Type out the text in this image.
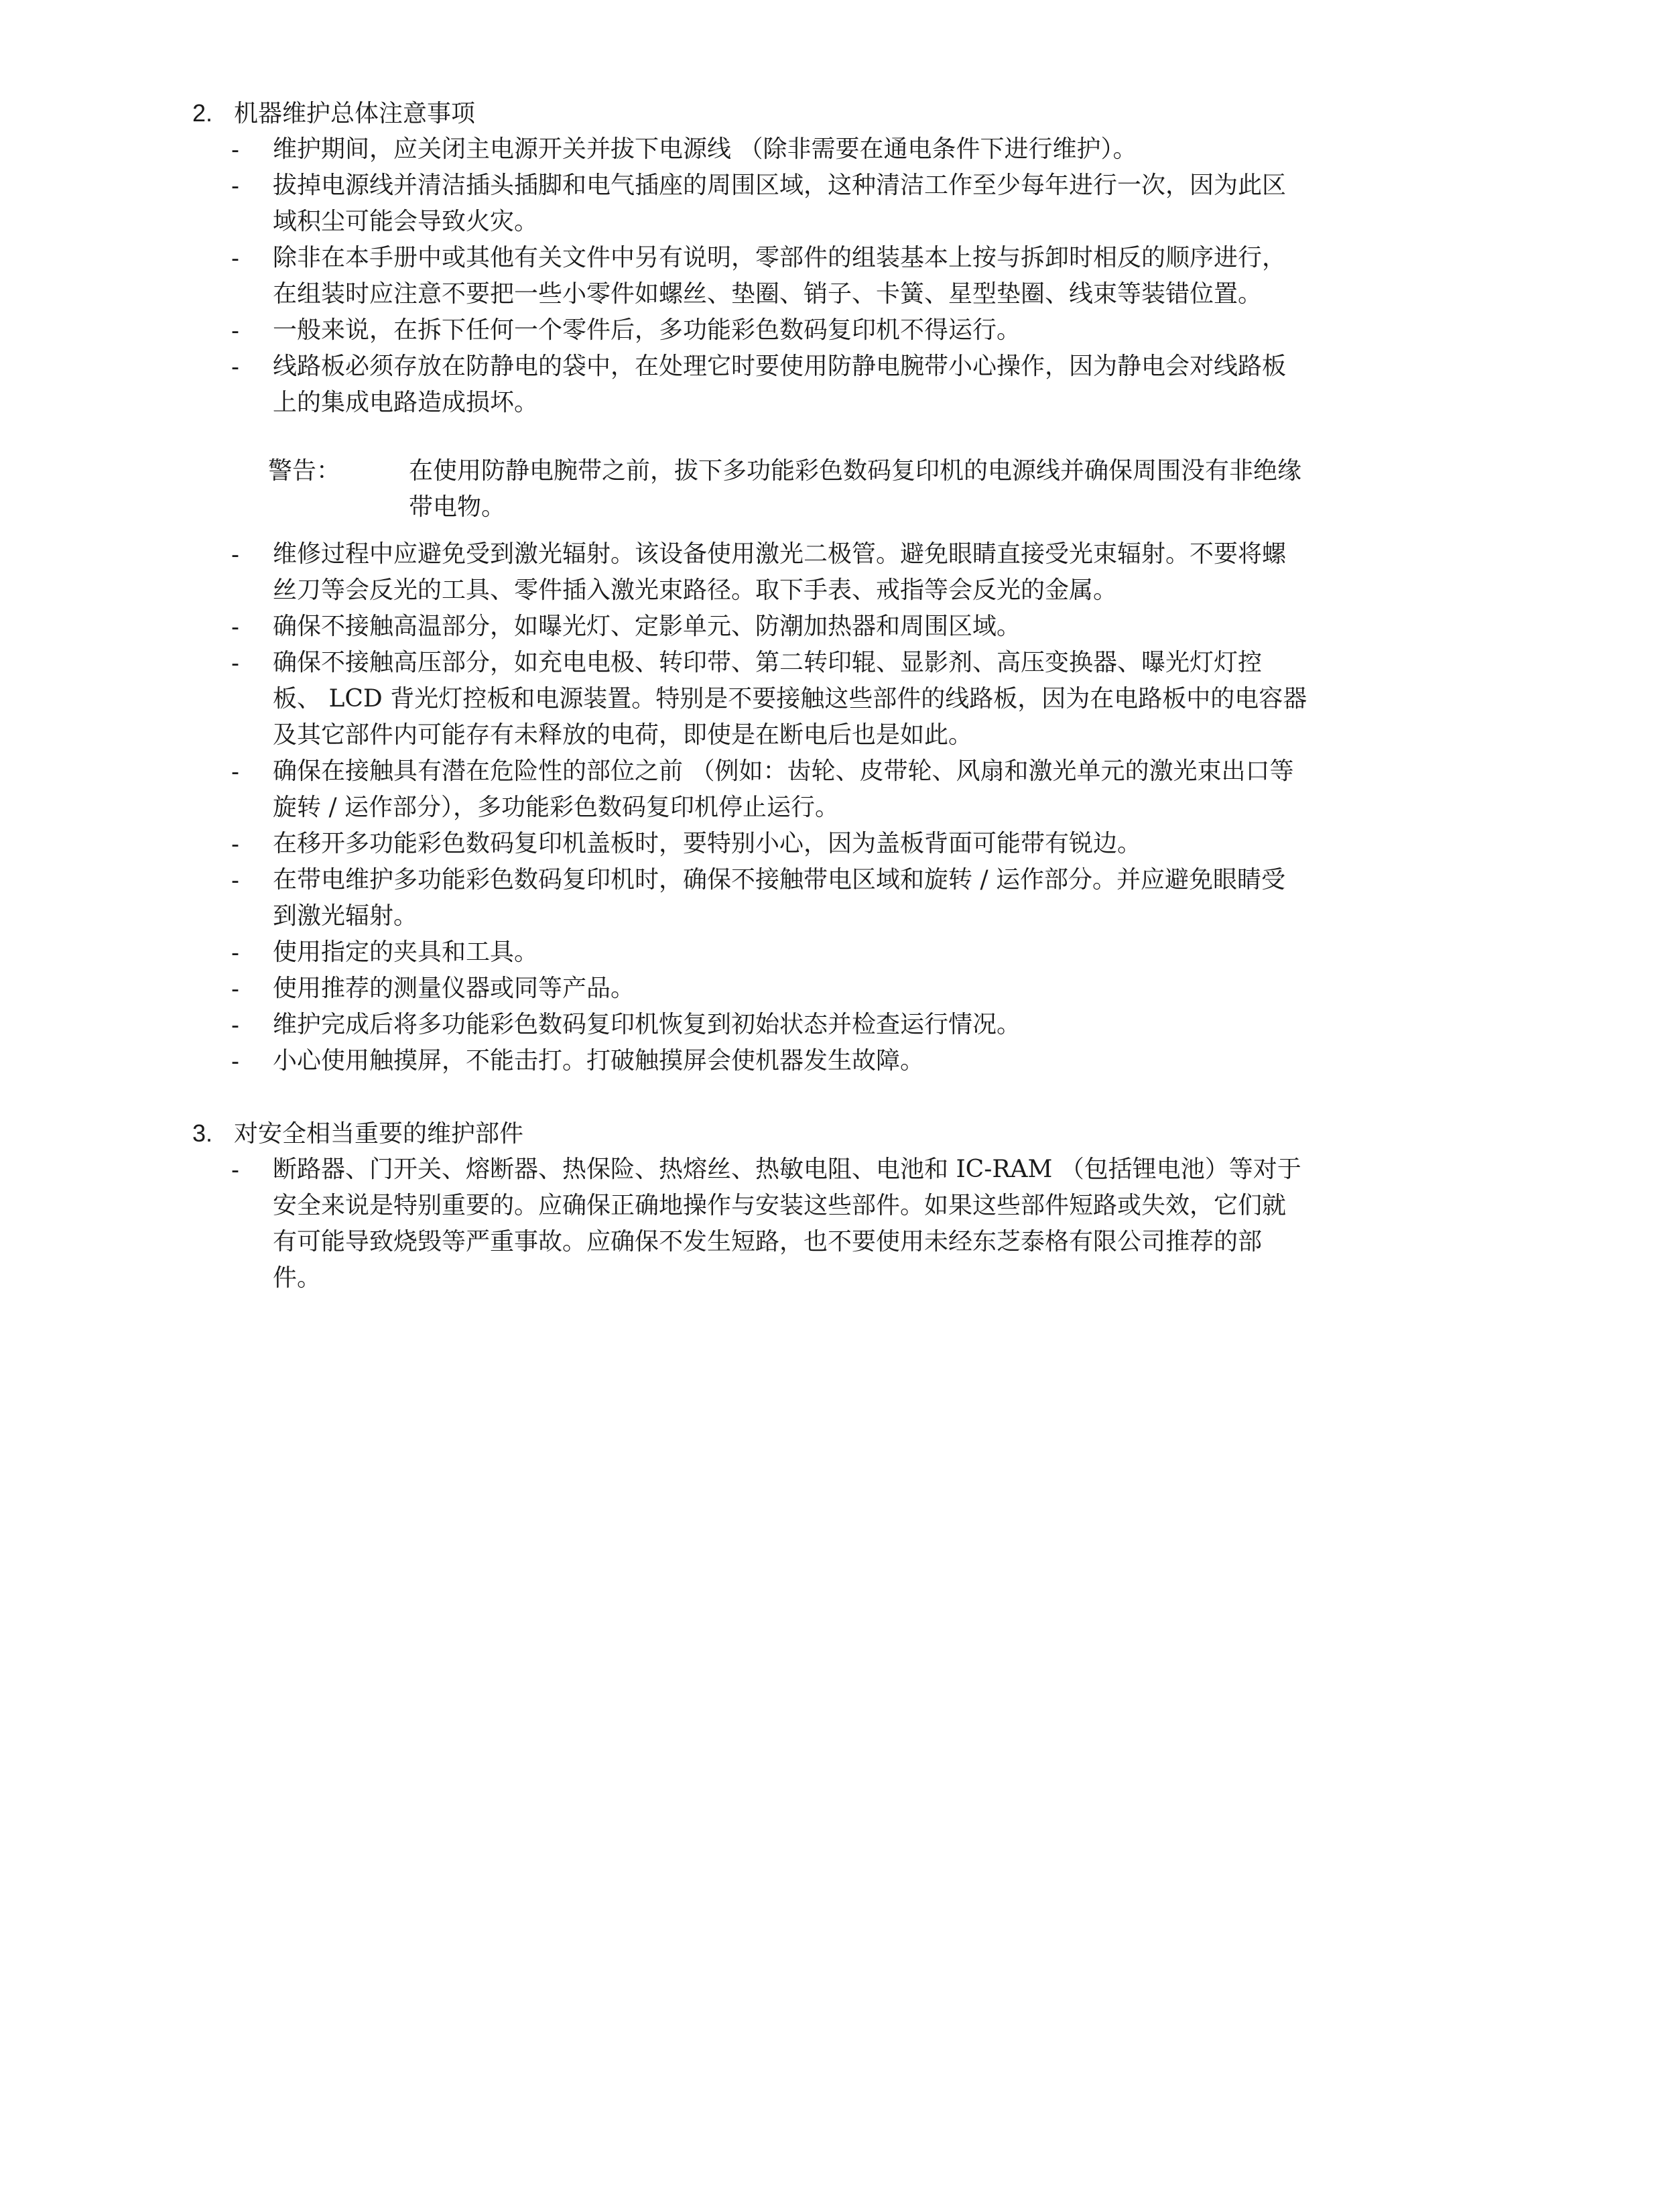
2. 机器维护总体注意事项
-	维护期间，应关闭主电源开关并拔下电源线 （除非需要在通电条件下进行维护）。
-	拔掉电源线并清洁插头插脚和电气插座的周围区域，这种清洁工作至少每年进行一次，因为此区
域积尘可能会导致火灾。
-	除非在本手册中或其他有关文件中另有说明，零部件的组装基本上按与拆卸时相反的顺序进行，
在组装时应注意不要把一些小零件如螺丝、垫圈、销子、卡簧、星型垫圈、线束等装错位置。
-	一般来说，在拆下任何一个零件后，多功能彩色数码复印机不得运行。
-	线路板必须存放在防静电的袋中，在处理它时要使用防静电腕带小心操作，因为静电会对线路板
上的集成电路造成损坏。
警告：	在使用防静电腕带之前，拔下多功能彩色数码复印机的电源线并确保周围没有非绝缘
带电物。
-	维修过程中应避免受到激光辐射。该设备使用激光二极管。避免眼睛直接受光束辐射。不要将螺
丝刀等会反光的工具、零件插入激光束路径。取下手表、戒指等会反光的金属。
-	确保不接触高温部分，如曝光灯、定影单元、防潮加热器和周围区域。
-	确保不接触高压部分，如充电电极、转印带、第二转印辊、显影剂、高压变换器、曝光灯灯控
板、 LCD 背光灯控板和电源装置。特别是不要接触这些部件的线路板，因为在电路板中的电容器
及其它部件内可能存有未释放的电荷，即使是在断电后也是如此。
-	确保在接触具有潜在危险性的部位之前 （例如：齿轮、皮带轮、风扇和激光单元的激光束出口等
旋转 / 运作部分），多功能彩色数码复印机停止运行。
-	在移开多功能彩色数码复印机盖板时，要特别小心，因为盖板背面可能带有锐边。
-	在带电维护多功能彩色数码复印机时，确保不接触带电区域和旋转 / 运作部分。并应避免眼睛受
到激光辐射。
-	使用指定的夹具和工具。
-	使用推荐的测量仪器或同等产品。
-	维护完成后将多功能彩色数码复印机恢复到初始状态并检查运行情况。
-	小心使用触摸屏，不能击打。打破触摸屏会使机器发生故障。
3. 对安全相当重要的维护部件
-	断路器、门开关、熔断器、热保险、热熔丝、热敏电阻、电池和 IC-RAM （包括锂电池）等对于
安全来说是特别重要的。应确保正确地操作与安装这些部件。如果这些部件短路或失效，它们就
有可能导致烧毁等严重事故。应确保不发生短路，也不要使用未经东芝泰格有限公司推荐的部
件。
